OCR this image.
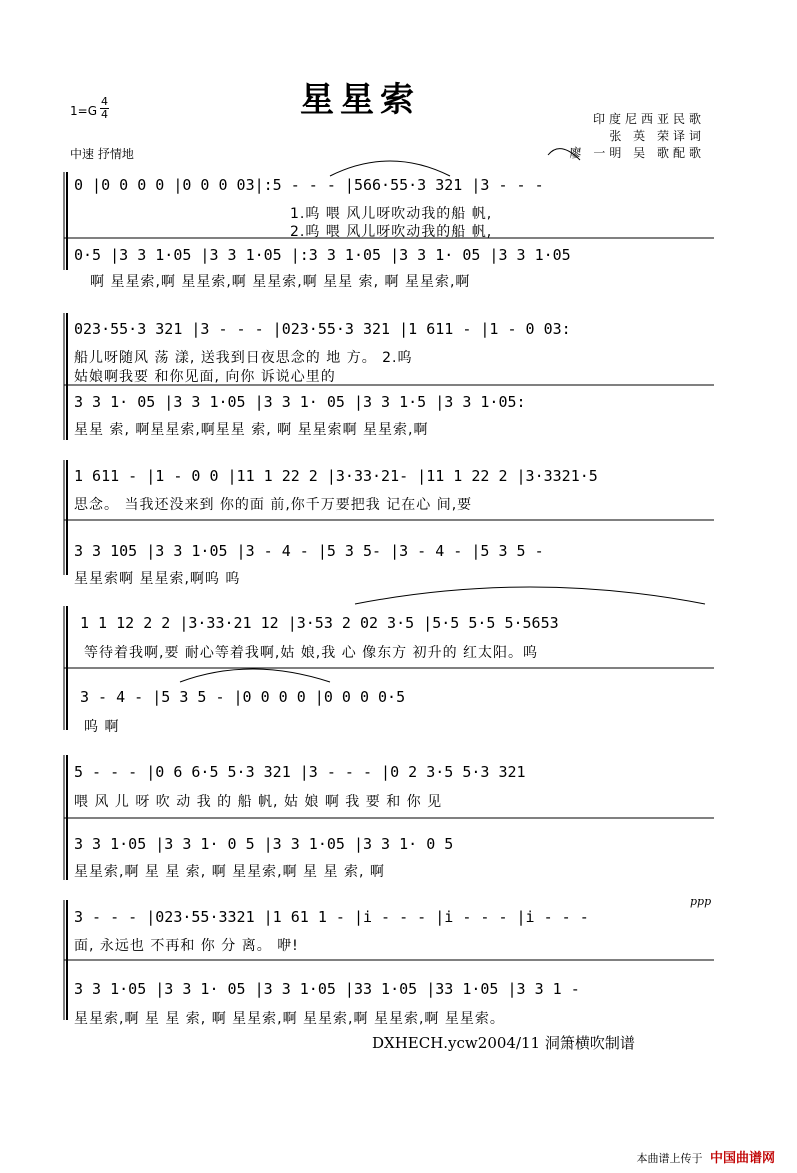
星星索
1=G
4
4
中速 抒情地
印度尼西亚民歌
张 英 荣译词
廖 一明 吴 歌配歌
0 |0 0 0 0 |0 0 0 03|:5 - - - |566·55·3 321 |3 - - -
1.呜 喂 风儿呀吹动我的船 帆,
2.呜 喂 风儿呀吹动我的船 帆,
0·5 |3 3 1·05 |3 3 1·05 |:3 3 1·05 |3 3 1· 05 |3 3 1·05
啊 星星索,啊 星星索,啊 星星索,啊 星星 索, 啊 星星索,啊
023·55·3 321 |3 - - - |023·55·3 321 |1 611 - |1 - 0 03:
船儿呀随风 荡 漾, 送我到日夜思念的 地 方。 2.呜
姑娘啊我要 和你见面, 向你 诉说心里的
3 3 1· 05 |3 3 1·05 |3 3 1· 05 |3 3 1·5 |3 3 1·05:
星星 索, 啊星星索,啊星星 索, 啊 星星索啊 星星索,啊
1 611 - |1 - 0 0 |11 1 22 2 |3·33·21- |11 1 22 2 |3·3321·5
思念。 当我还没来到 你的面 前,你千万要把我 记在心 间,要
3 3 105 |3 3 1·05 |3 - 4 - |5 3 5- |3 - 4 - |5 3 5 -
星星索啊 星星索,啊呜 呜
1 1 12 2 2 |3·33·21 12 |3·53 2 02 3·5 |5·5 5·5 5·5653
等待着我啊,要 耐心等着我啊,姑 娘,我 心 像东方 初升的 红太阳。呜
3 - 4 - |5 3 5 - |0 0 0 0 |0 0 0 0·5
呜 啊
5 - - - |0 6 6·5 5·3 321 |3 - - - |0 2 3·5 5·3 321
喂 风 儿 呀 吹 动 我 的 船 帆, 姑 娘 啊 我 要 和 你 见
3 3 1·05 |3 3 1· 0 5 |3 3 1·05 |3 3 1· 0 5
星星索,啊 星 星 索, 啊 星星索,啊 星 星 索, 啊
3 - - - |023·55·3321 |1 61 1 - |i - - - |i - - - |i - - -
ppp
面, 永远也 不再和 你 分 离。 咿!
3 3 1·05 |3 3 1· 05 |3 3 1·05 |33 1·05 |33 1·05 |3 3 1 -
星星索,啊 星 星 索, 啊 星星索,啊 星星索,啊 星星索,啊 星星索。
DXHECH.ycw2004/11 洞箫横吹制谱
本曲谱上传于 中国曲谱网
